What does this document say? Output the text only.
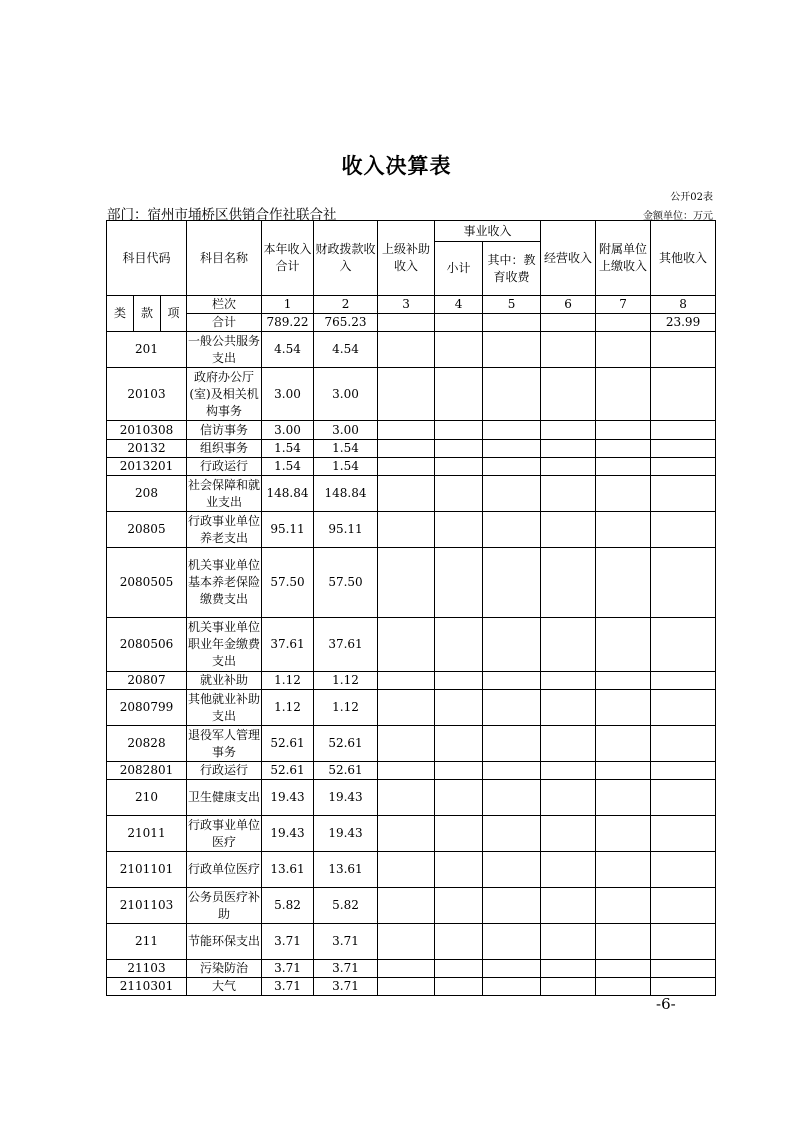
收入决算表
公开02表
部门：宿州市埇桥区供销合作社联合社	金额单位：万元
科目代码			科目名称	本年收入合计	财政拨款收入	上级补助收入	事业收入		经营收入	附属单位上缴收入	其他收入
							小计	其中：教育收费			
类	款	项	栏次	1	2	3	4	5	6	7	8
			合计	789.22	765.23						23.99
201			一般公共服务支出	4.54	4.54						
20103			政府办公厅(室)及相关机构事务	3.00	3.00						
2010308			信访事务	3.00	3.00						
20132			组织事务	1.54	1.54						
2013201			行政运行	1.54	1.54						
208			社会保障和就业支出	148.84	148.84						
20805			行政事业单位养老支出	95.11	95.11						
2080505			机关事业单位基本养老保险缴费支出	57.50	57.50						
2080506			机关事业单位职业年金缴费支出	37.61	37.61						
20807			就业补助	1.12	1.12						
2080799			其他就业补助支出	1.12	1.12						
20828			退役军人管理事务	52.61	52.61						
2082801			行政运行	52.61	52.61						
210			卫生健康支出	19.43	19.43						
21011			行政事业单位医疗	19.43	19.43						
2101101			行政单位医疗	13.61	13.61						
2101103			公务员医疗补助	5.82	5.82						
211			节能环保支出	3.71	3.71						
21103			污染防治	3.71	3.71						
2110301			大气	3.71	3.71						
-6-
